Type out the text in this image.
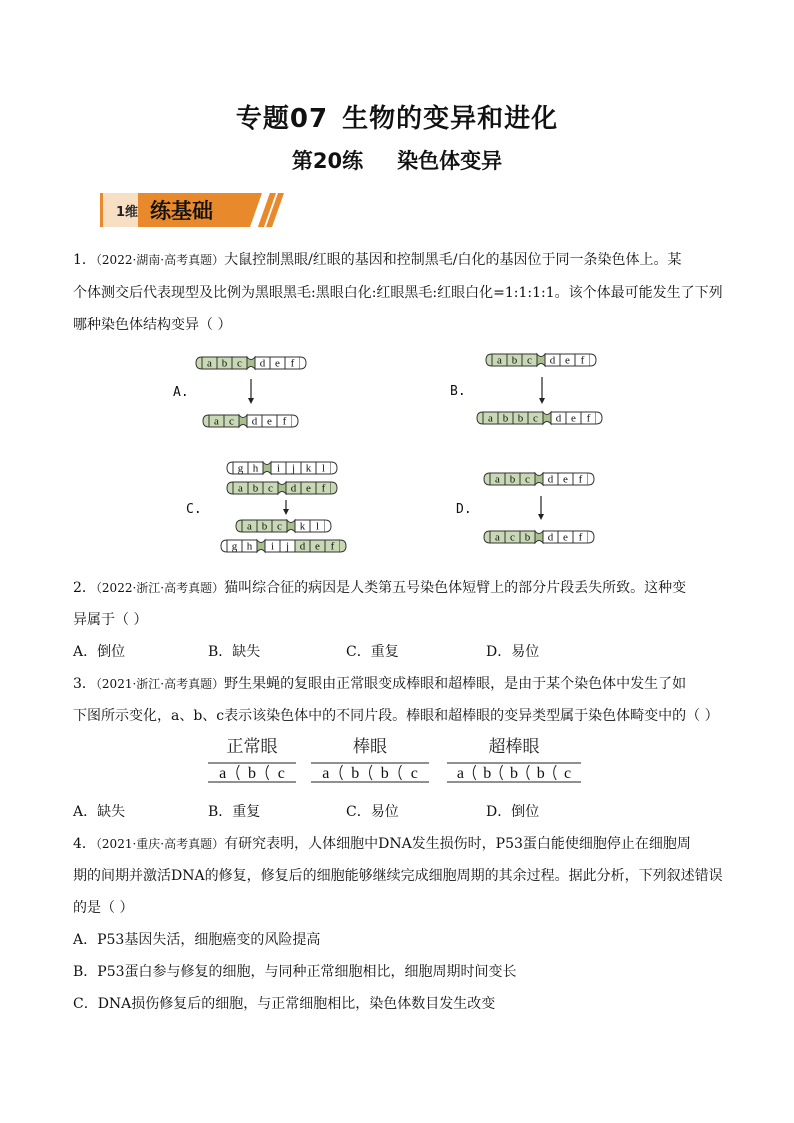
专题07 生物的变异和进化
第20练 染色体变异
1维 练基础
1．（2022·湖南·高考真题）大鼠控制黑眼/红眼的基因和控制黑毛/白化的基因位于同一条染色体上。某
个体测交后代表现型及比例为黑眼黑毛:黑眼白化:红眼黑毛:红眼白化=1:1:1:1。该个体最可能发生了下列
哪种染色体结构变异（ ）
A.	B.
C.	D.
a b c d e f
a c d e f
a b c d e f
a b b c d e f
g h i j k l
a b c d e f
a b c k l
g h i j d e f
a b c d e f
a c b d e f
2．（2022·浙江·高考真题）猫叫综合征的病因是人类第五号染色体短臂上的部分片段丢失所致。这种变
异属于（ ）
A．倒位	B．缺失	C．重复	D．易位
3．（2021·浙江·高考真题）野生果蝇的复眼由正常眼变成棒眼和超棒眼，是由于某个染色体中发生了如
下图所示变化，a、b、c表示该染色体中的不同片段。棒眼和超棒眼的变异类型属于染色体畸变中的（ ）
正常眼
a b c
棒眼
a b b c
超棒眼
a b b b c
A．缺失	B．重复	C．易位	D．倒位
4．（2021·重庆·高考真题）有研究表明，人体细胞中DNA发生损伤时，P53蛋白能使细胞停止在细胞周
期的间期并激活DNA的修复，修复后的细胞能够继续完成细胞周期的其余过程。据此分析，下列叙述错误
的是（ ）
A．P53基因失活，细胞癌变的风险提高
B．P53蛋白参与修复的细胞，与同种正常细胞相比，细胞周期时间变长
C．DNA损伤修复后的细胞，与正常细胞相比，染色体数目发生改变
